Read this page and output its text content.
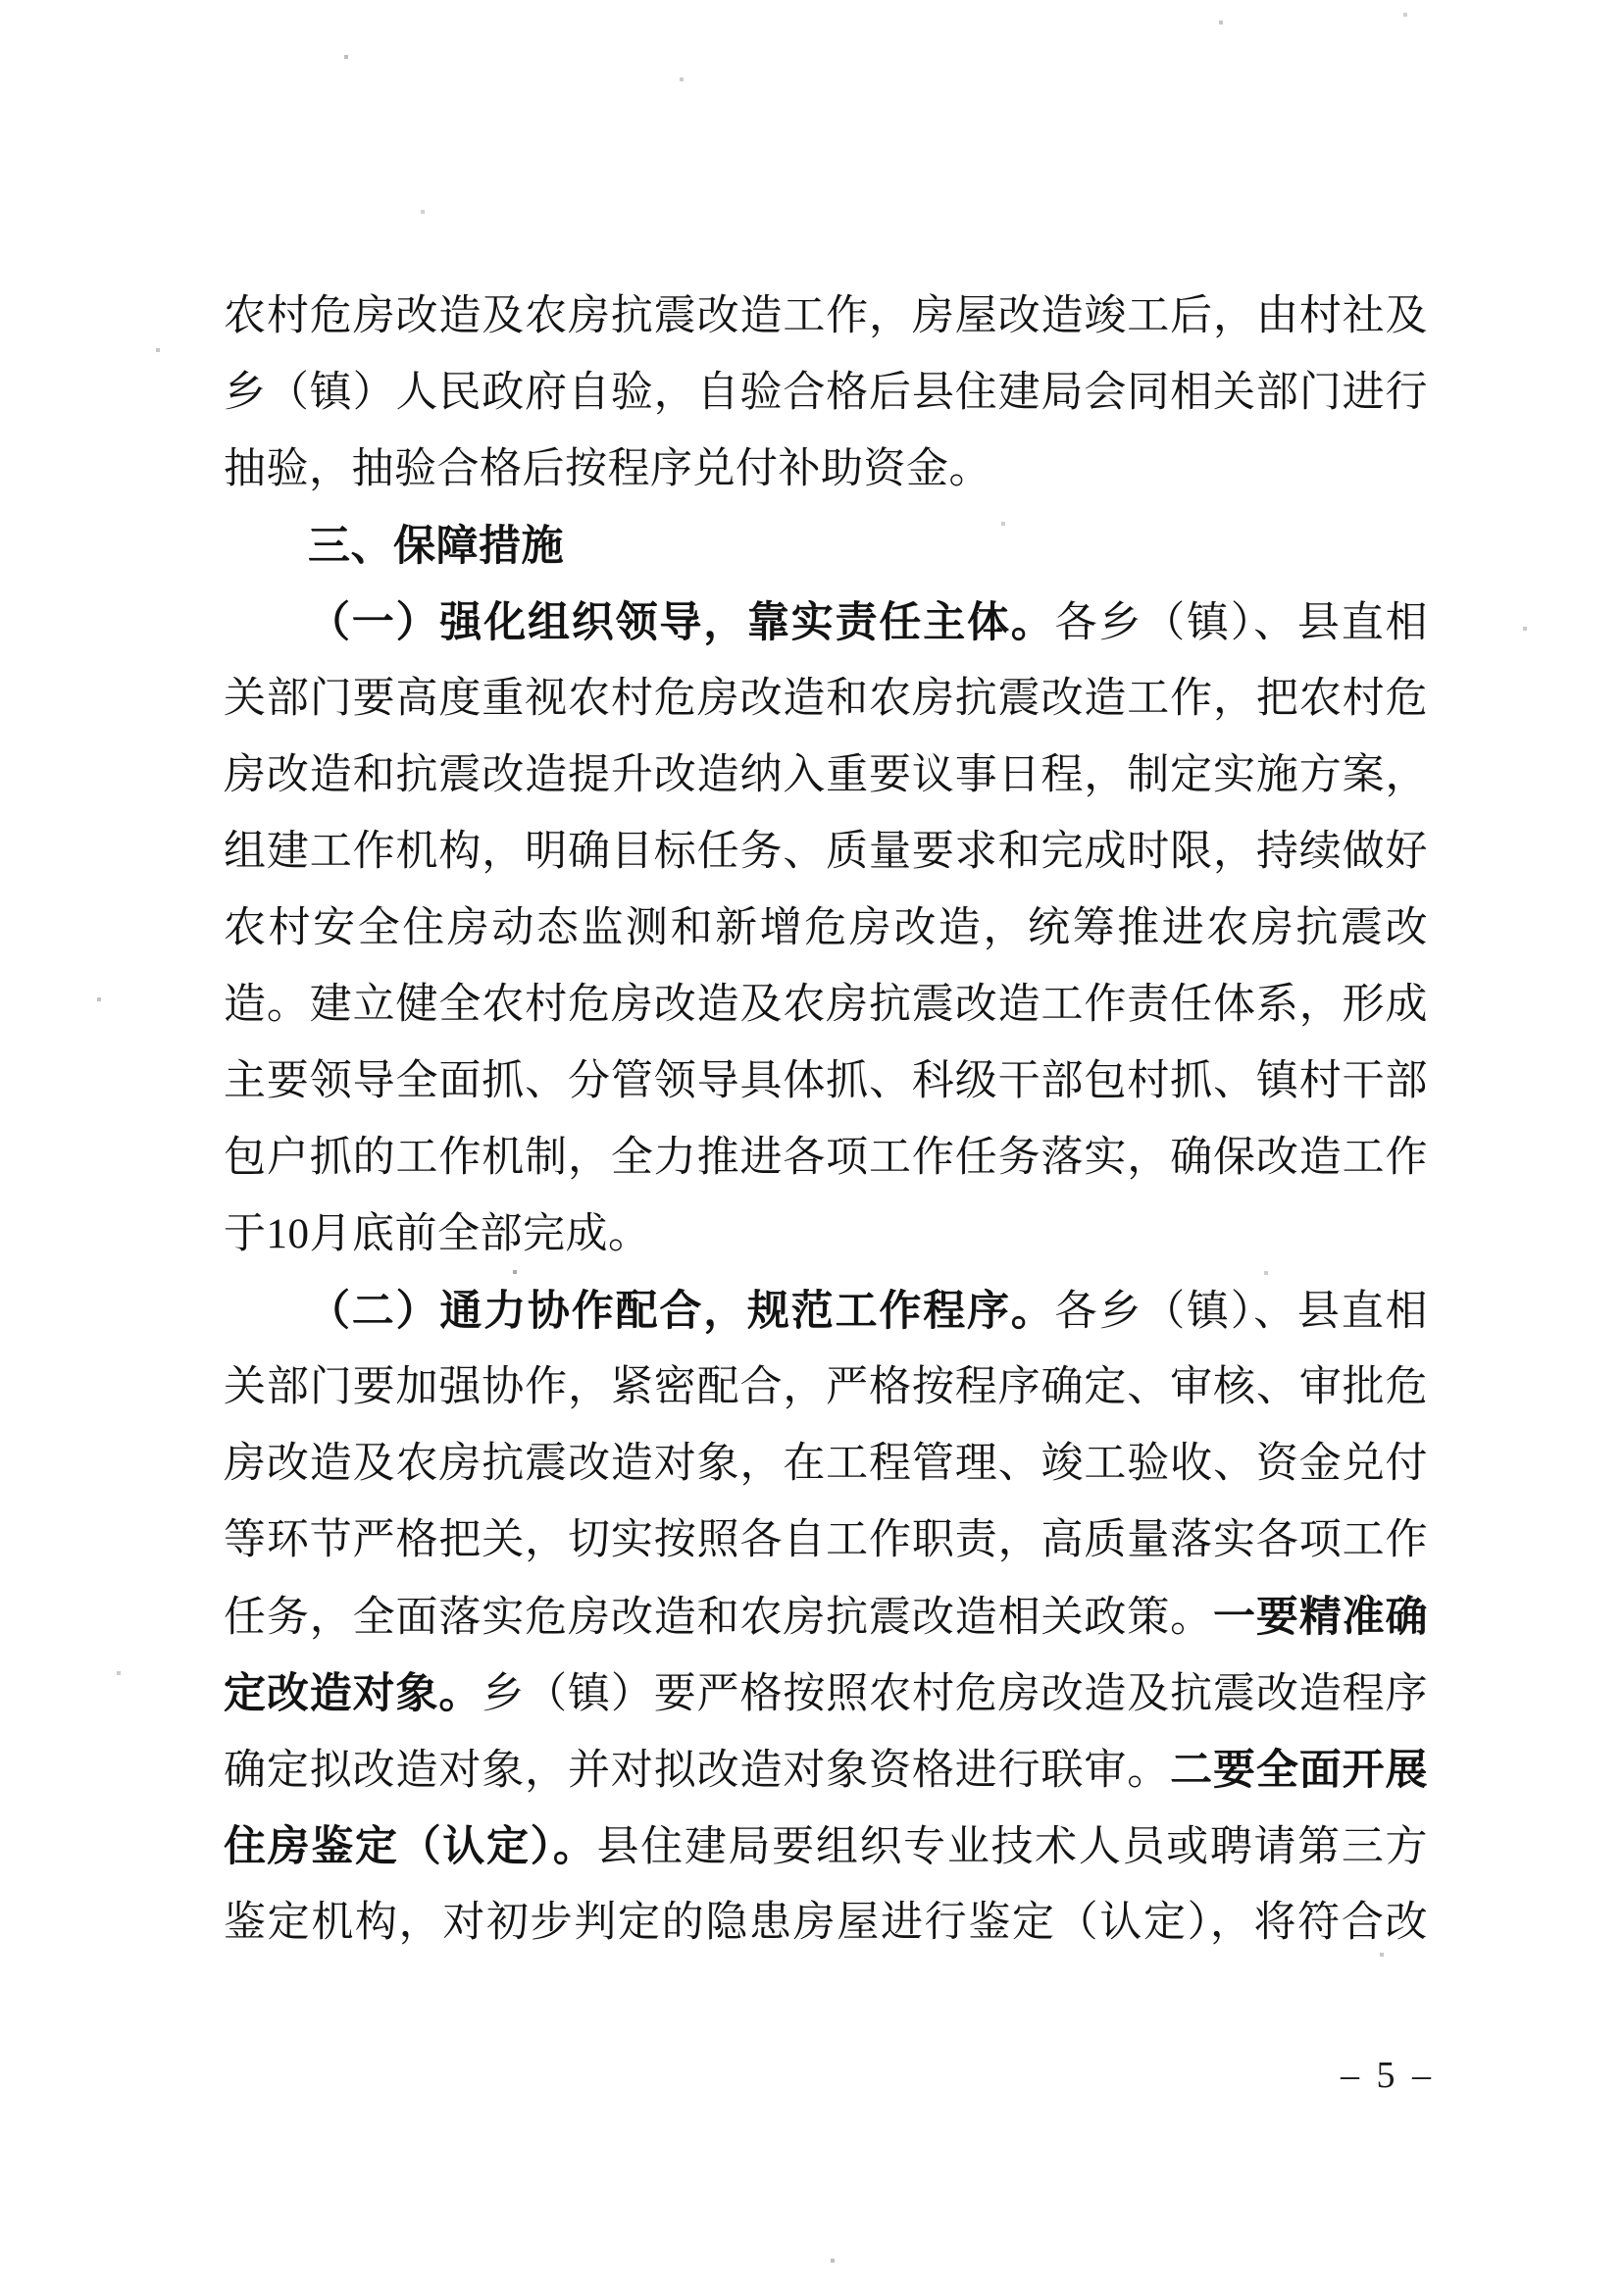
农村危房改造及农房抗震改造工作，房屋改造竣工后，由村社及
乡（镇）人民政府自验，自验合格后县住建局会同相关部门进行
抽验，抽验合格后按程序兑付补助资金。
三、保障措施
（一）强化组织领导，靠实责任主体。各乡（镇）、县直相
关部门要高度重视农村危房改造和农房抗震改造工作，把农村危
房改造和抗震改造提升改造纳入重要议事日程，制定实施方案，
组建工作机构，明确目标任务、质量要求和完成时限，持续做好
农村安全住房动态监测和新增危房改造，统筹推进农房抗震改
造。建立健全农村危房改造及农房抗震改造工作责任体系，形成
主要领导全面抓、分管领导具体抓、科级干部包村抓、镇村干部
包户抓的工作机制，全力推进各项工作任务落实，确保改造工作
于10月底前全部完成。
（二）通力协作配合，规范工作程序。各乡（镇）、县直相
关部门要加强协作，紧密配合，严格按程序确定、审核、审批危
房改造及农房抗震改造对象，在工程管理、竣工验收、资金兑付
等环节严格把关，切实按照各自工作职责，高质量落实各项工作
任务，全面落实危房改造和农房抗震改造相关政策。一要精准确
定改造对象。乡（镇）要严格按照农村危房改造及抗震改造程序
确定拟改造对象，并对拟改造对象资格进行联审。二要全面开展
住房鉴定（认定）。县住建局要组织专业技术人员或聘请第三方
鉴定机构，对初步判定的隐患房屋进行鉴定（认定），将符合改
– 5 –
